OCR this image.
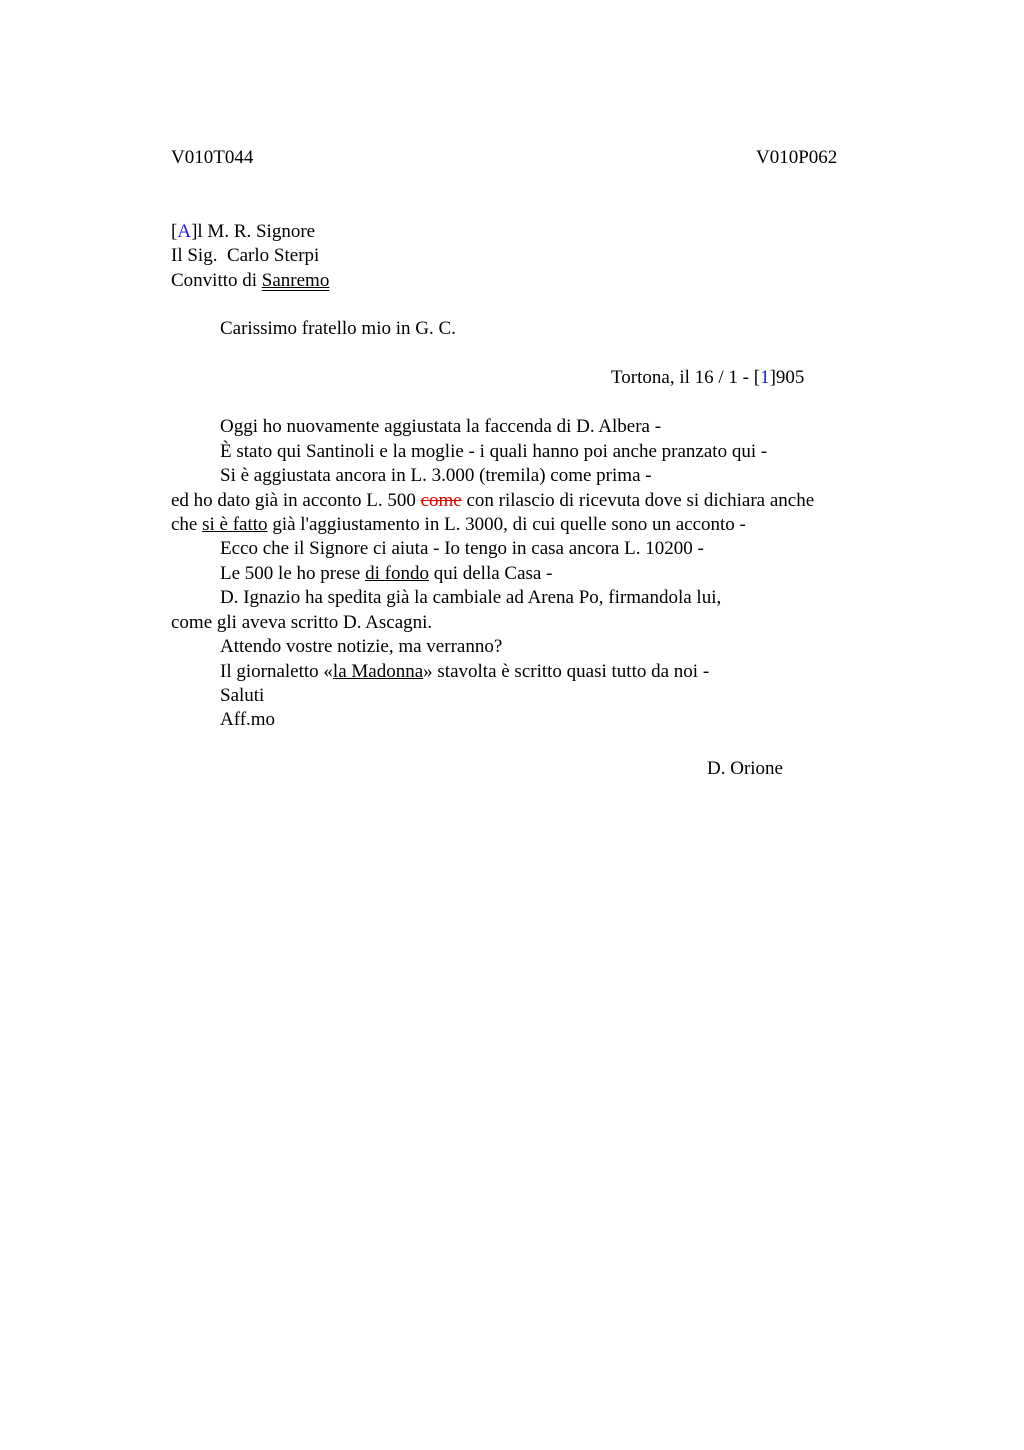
V010T044	V010P062
[A]l M. R. Signore
Il Sig.  Carlo Sterpi
Convitto di Sanremo
Carissimo fratello mio in G. C.
Tortona, il 16 / 1 - [1]905
Oggi ho nuovamente aggiustata la faccenda di D. Albera -
È stato qui Santinoli e la moglie - i quali hanno poi anche pranzato qui -
Si è aggiustata ancora in L. 3.000 (tremila) come prima -
ed ho dato già in acconto L. 500 come con rilascio di ricevuta dove si dichiara anche
che si è fatto già l'aggiustamento in L. 3000, di cui quelle sono un acconto -
Ecco che il Signore ci aiuta - Io tengo in casa ancora L. 10200 -
Le 500 le ho prese di fondo qui della Casa -
D. Ignazio ha spedita già la cambiale ad Arena Po, firmandola lui,
come gli aveva scritto D. Ascagni.
Attendo vostre notizie, ma verranno?
Il giornaletto «la Madonna» stavolta è scritto quasi tutto da noi -
Saluti
Aff.mo
D. Orione
